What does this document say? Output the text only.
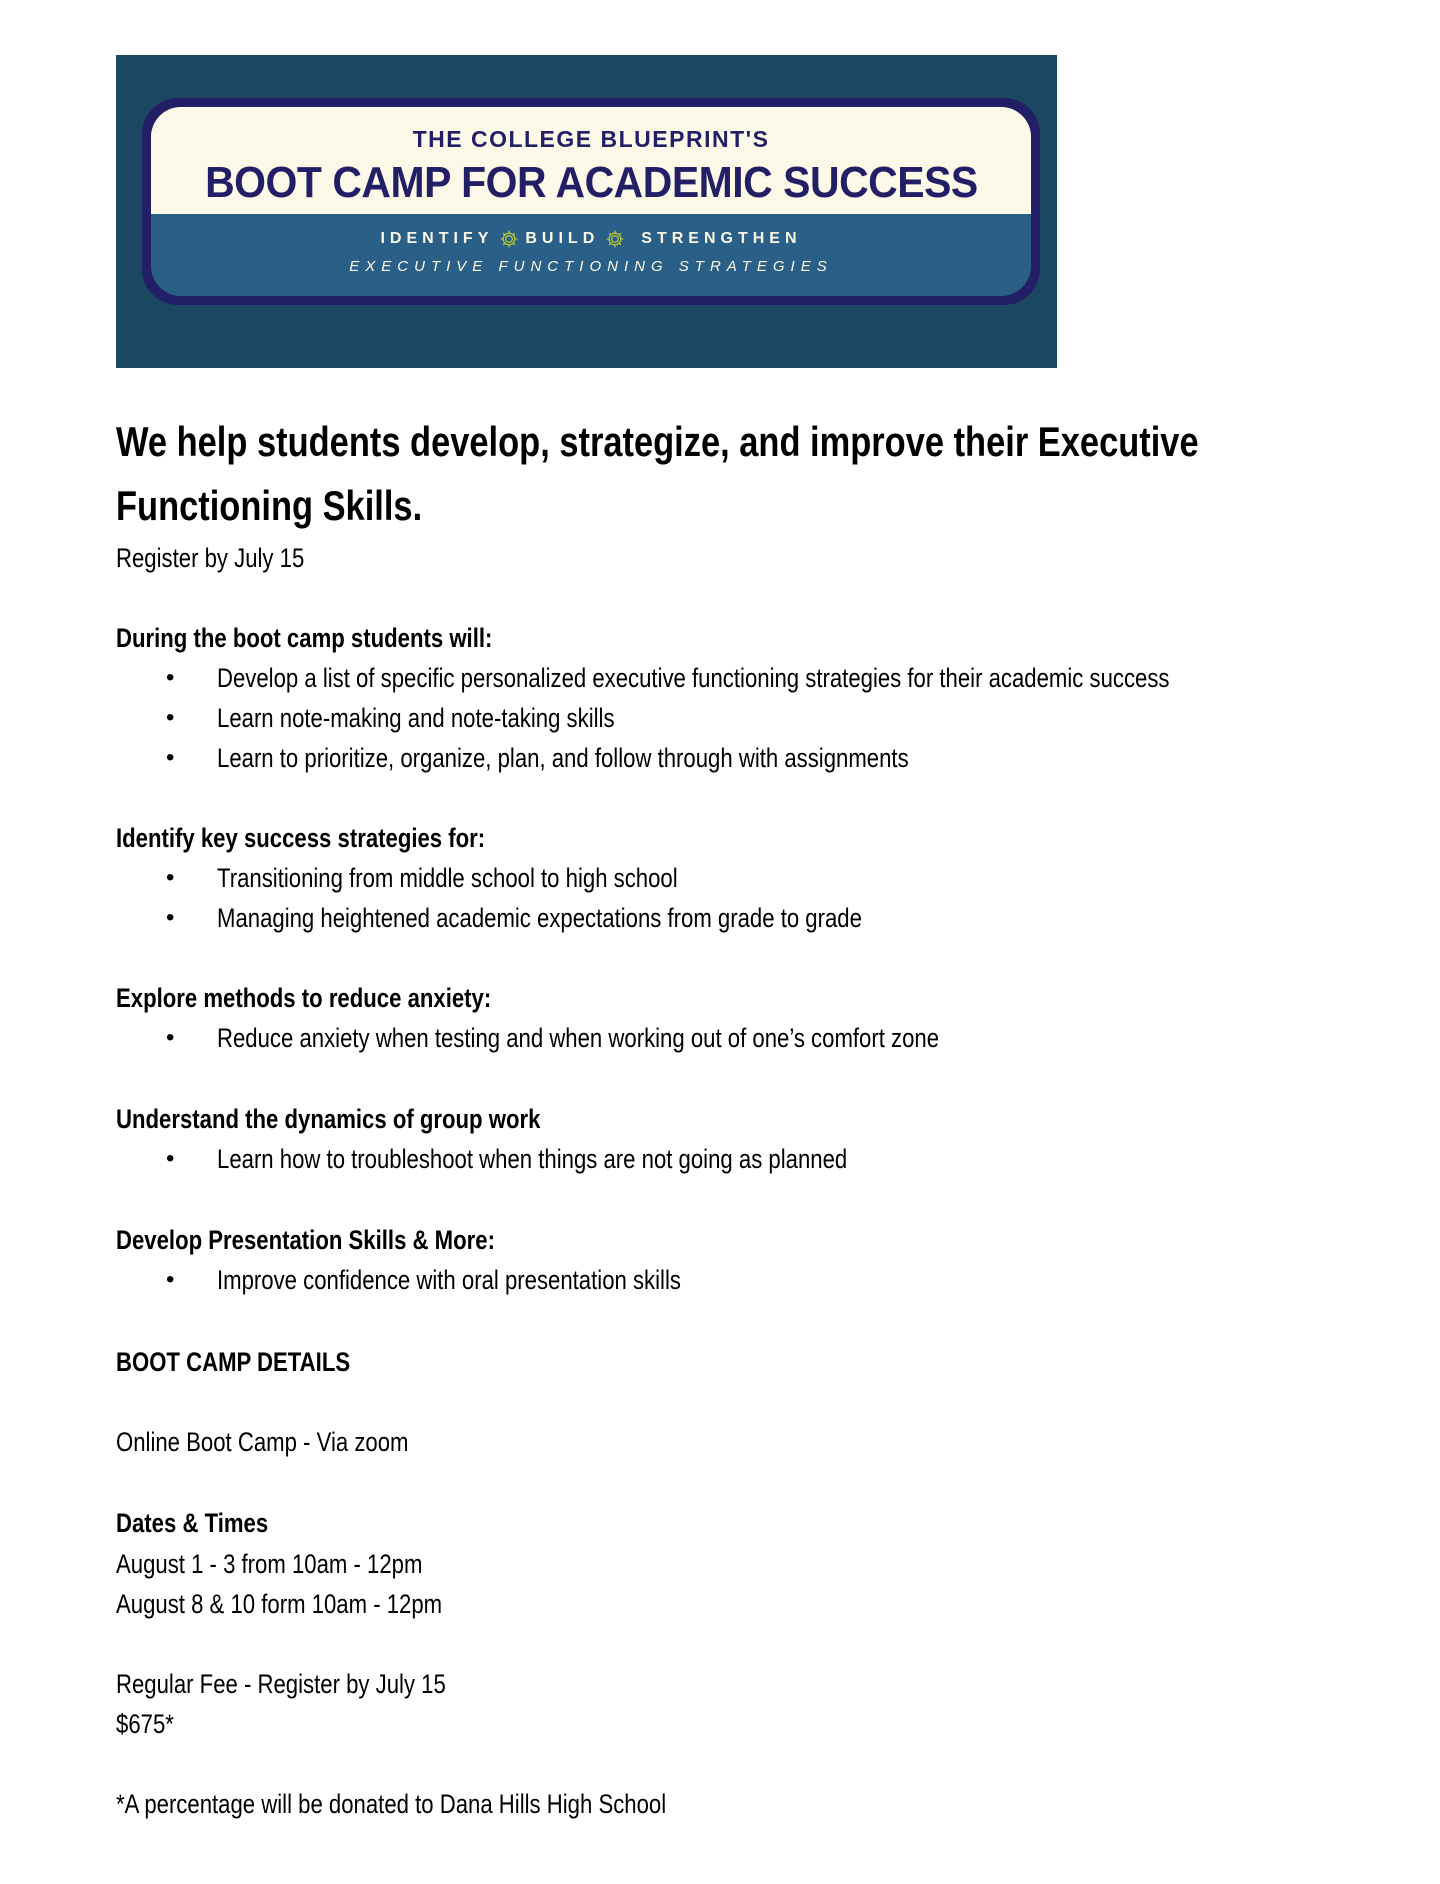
THE COLLEGE BLUEPRINT'S
BOOT CAMP FOR ACADEMIC SUCCESS
IDENTIFY BUILD	STRENGTHEN
EXECUTIVE FUNCTIONING STRATEGIES
We help students develop, strategize, and improve their Executive
Functioning Skills.
Register by July 15
During the boot camp students will:
• Develop a list of specific personalized executive functioning strategies for their academic success
• Learn note-making and note-taking skills
• Learn to prioritize, organize, plan, and follow through with assignments
Identify key success strategies for:
• Transitioning from middle school to high school
• Managing heightened academic expectations from grade to grade
Explore methods to reduce anxiety:
• Reduce anxiety when testing and when working out of one’s comfort zone
Understand the dynamics of group work
• Learn how to troubleshoot when things are not going as planned
Develop Presentation Skills & More:
• Improve confidence with oral presentation skills
BOOT CAMP DETAILS
Online Boot Camp - Via zoom
Dates & Times
August 1 - 3 from 10am - 12pm
August 8 & 10 form 10am - 12pm
Regular Fee - Register by July 15
$675*
*A percentage will be donated to Dana Hills High School
